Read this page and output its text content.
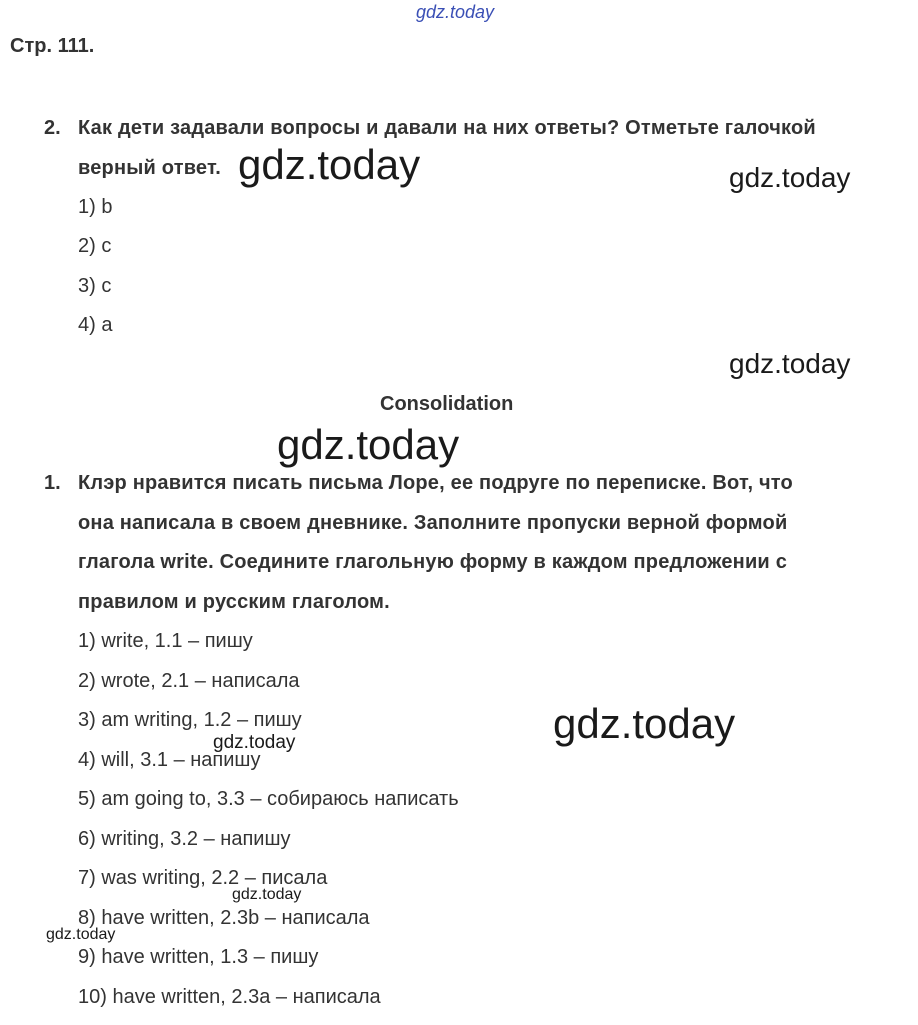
gdz.today
Стр. 111.
2. Как дети задавали вопросы и давали на них ответы? Отметьте галочкой
верный ответ.
1) b
2) c
3) c
4) a
Consolidation
1. Клэр нравится писать письма Лоре, ее подруге по переписке. Вот, что
она написала в своем дневнике. Заполните пропуски верной формой
глагола write. Соедините глагольную форму в каждом предложении с
правилом и русским глаголом.
1) write, 1.1 – пишу
2) wrote, 2.1 – написала
3) am writing, 1.2 – пишу
4) will, 3.1 – напишу
5) am going to, 3.3 – собираюсь написать
6) writing, 3.2 – напишу
7) was writing, 2.2 – писала
8) have written, 2.3b – написала
9) have written, 1.3 – пишу
10) have written, 2.3a – написала
gdz.today	gdz.today
gdz.today
gdz.today
gdz.today
gdz.today
gdz.today
gdz.today
